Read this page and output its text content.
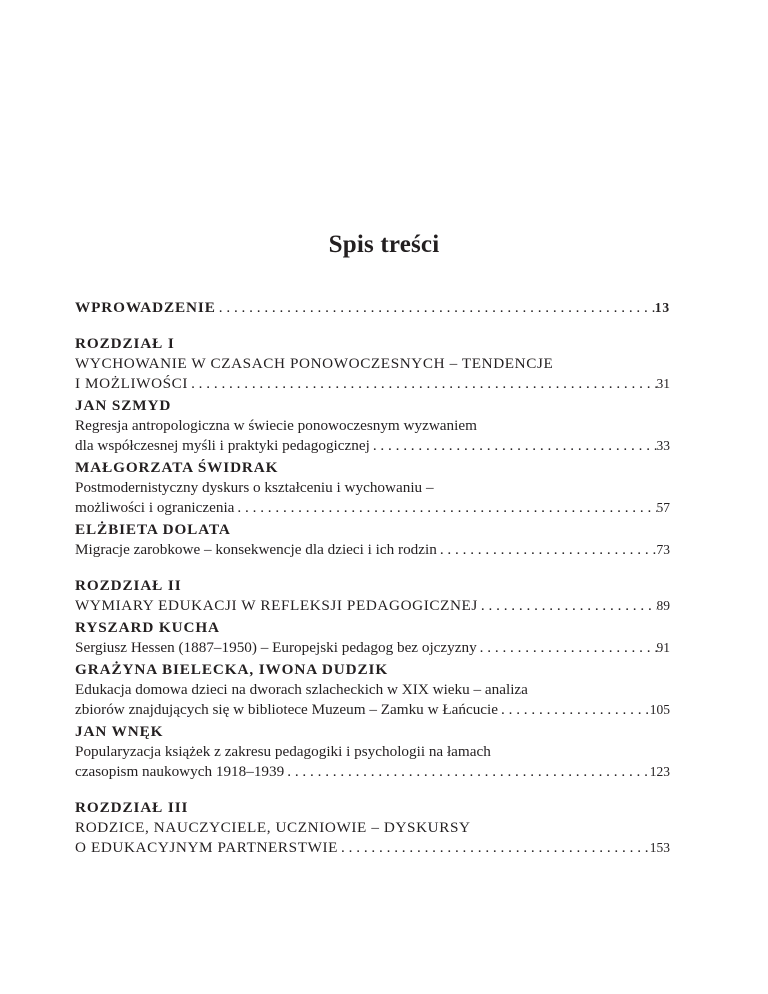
Spis treści
WPROWADZENIE . . .	13
ROZDZIAŁ I
WYCHOWANIE W CZASACH PONOWOCZESNYCH – TENDENCJE
I MOŻLIWOŚCI . . .	31
JAN SZMYD
Regresja antropologiczna w świecie ponowoczesnym wyzwaniem
dla współczesnej myśli i praktyki pedagogicznej . . .	33
MAŁGORZATA ŚWIDRAK
Postmodernistyczny dyskurs o kształceniu i wychowaniu –
możliwości i ograniczenia . . .	57
ELŻBIETA DOLATA
Migracje zarobkowe – konsekwencje dla dzieci i ich rodzin . . .	73
ROZDZIAŁ II
WYMIARY EDUKACJI W REFLEKSJI PEDAGOGICZNEJ . . .	89
RYSZARD KUCHA
Sergiusz Hessen (1887–1950) – Europejski pedagog bez ojczyzny . . .	91
GRAŻYNA BIELECKA, IWONA DUDZIK
Edukacja domowa dzieci na dworach szlacheckich w XIX wieku – analiza
zbiorów znajdujących się w bibliotece Muzeum – Zamku w Łańcucie . . .	105
JAN WNĘK
Popularyzacja książek z zakresu pedagogiki i psychologii na łamach
czasopism naukowych 1918–1939 . . .	123
ROZDZIAŁ III
RODZICE, NAUCZYCIELE, UCZNIOWIE – DYSKURSY
O EDUKACYJNYM PARTNERSTWIE . . .	153
